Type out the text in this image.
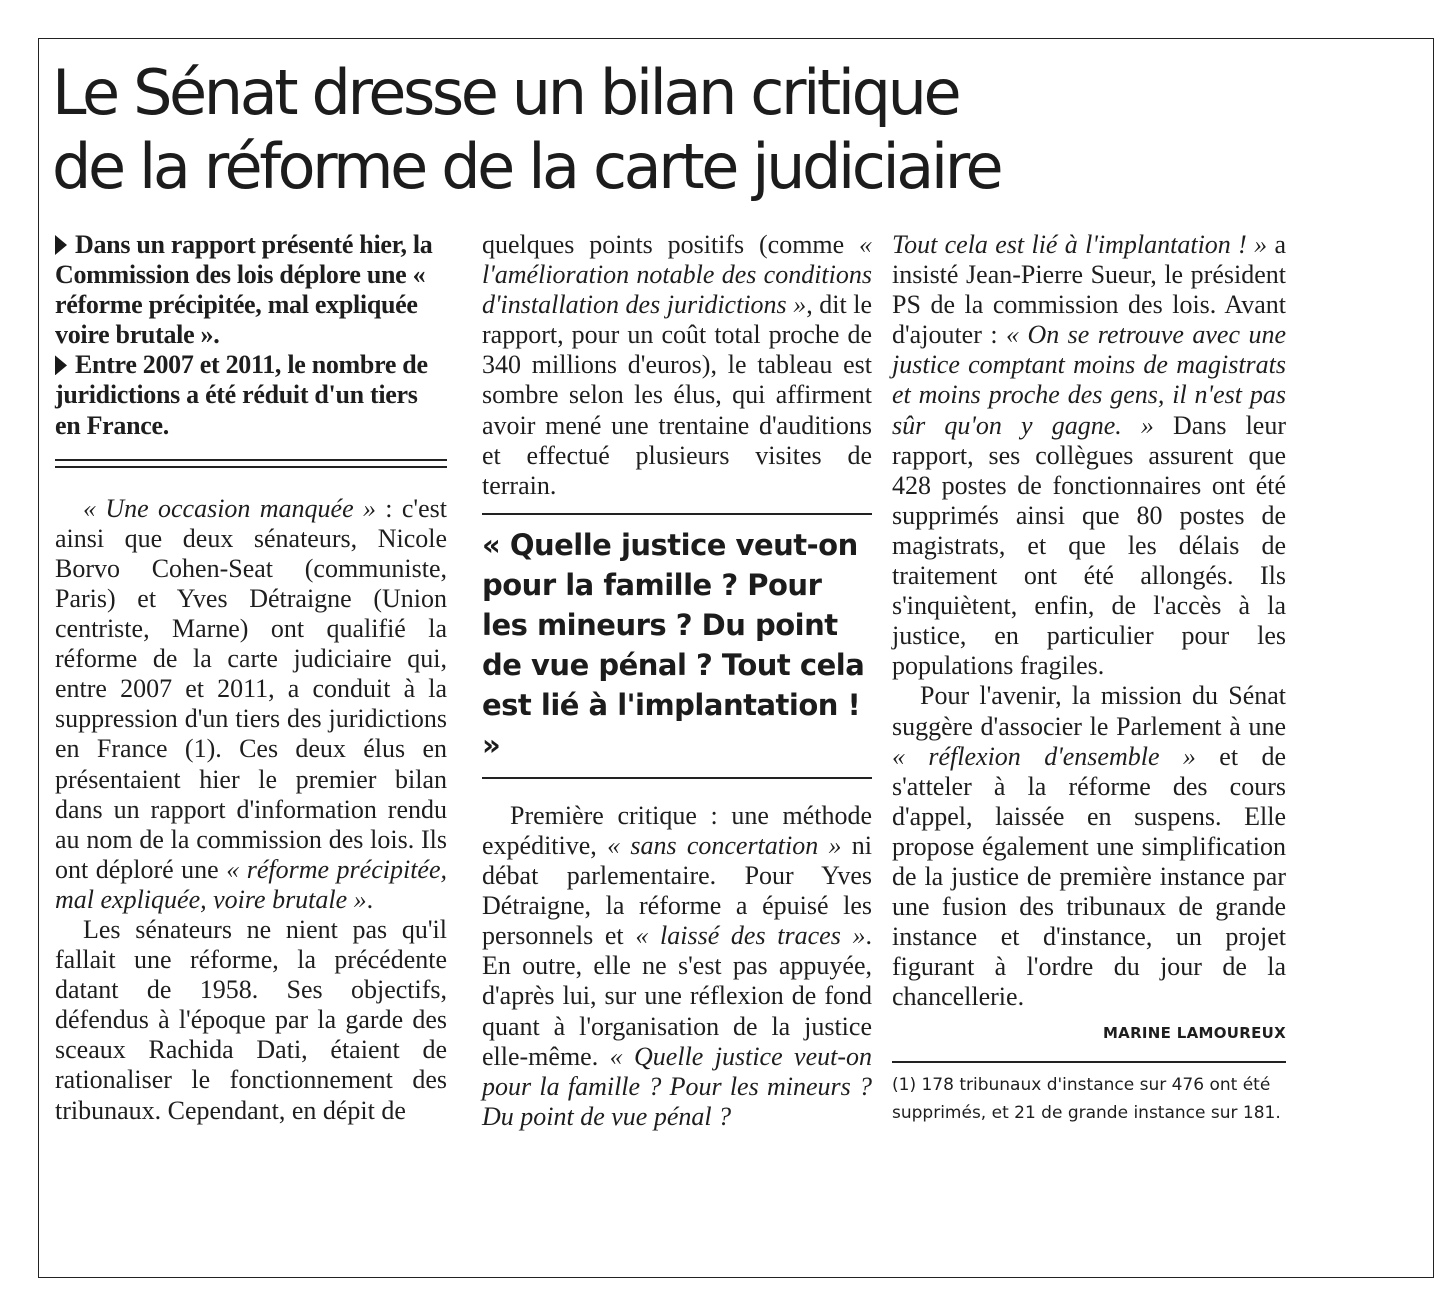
Le Sénat dresse un bilan critique
de la réforme de la carte judiciaire

Dans un rapport présenté hier, la Commission des lois déplore une « réforme précipitée, mal expliquée voire brutale ».

Entre 2007 et 2011, le nombre de juridictions a été réduit d'un tiers en France.

« Une occasion manquée » : c'est ainsi que deux sénateurs, Nicole Borvo Cohen-Seat (communiste, Paris) et Yves Détraigne (Union centriste, Marne) ont qualifié la réforme de la carte judiciaire qui, entre 2007 et 2011, a conduit à la suppression d'un tiers des juridictions en France (1). Ces deux élus en présentaient hier le premier bilan dans un rapport d'information rendu au nom de la commission des lois. Ils ont déploré une « réforme précipitée, mal expliquée, voire brutale ».

Les sénateurs ne nient pas qu'il fallait une réforme, la précédente datant de 1958. Ses objectifs, défendus à l'époque par la garde des sceaux Rachida Dati, étaient de rationaliser le fonctionnement des tribunaux. Cependant, en dépit de

quelques points positifs (comme « l'amélioration notable des conditions d'installation des juridictions », dit le rapport, pour un coût total proche de 340 millions d'euros), le tableau est sombre selon les élus, qui affirment avoir mené une trentaine d'auditions et effectué plusieurs visites de terrain.

« Quelle justice veut-on pour la famille ? Pour les mineurs ? Du point de vue pénal ? Tout cela est lié à l'implantation ! »

Première critique : une méthode expéditive, « sans concertation » ni débat parlementaire. Pour Yves Détraigne, la réforme a épuisé les personnels et « laissé des traces ». En outre, elle ne s'est pas appuyée, d'après lui, sur une réflexion de fond quant à l'organisation de la justice elle-même. « Quelle justice veut-on pour la famille ? Pour les mineurs ? Du point de vue pénal ?

Tout cela est lié à l'implantation ! » a insisté Jean-Pierre Sueur, le président PS de la commission des lois. Avant d'ajouter : « On se retrouve avec une justice comptant moins de magistrats et moins proche des gens, il n'est pas sûr qu'on y gagne. » Dans leur rapport, ses collègues assurent que 428 postes de fonctionnaires ont été supprimés ainsi que 80 postes de magistrats, et que les délais de traitement ont été allongés. Ils s'inquiètent, enfin, de l'accès à la justice, en particulier pour les populations fragiles.

Pour l'avenir, la mission du Sénat suggère d'associer le Parlement à une « réflexion d'ensemble » et de s'atteler à la réforme des cours d'appel, laissée en suspens. Elle propose également une simplification de la justice de première instance par une fusion des tribunaux de grande instance et d'instance, un projet figurant à l'ordre du jour de la chancellerie.

MARINE LAMOUREUX
(1) 178 tribunaux d'instance sur 476 ont été supprimés, et 21 de grande instance sur 181.
